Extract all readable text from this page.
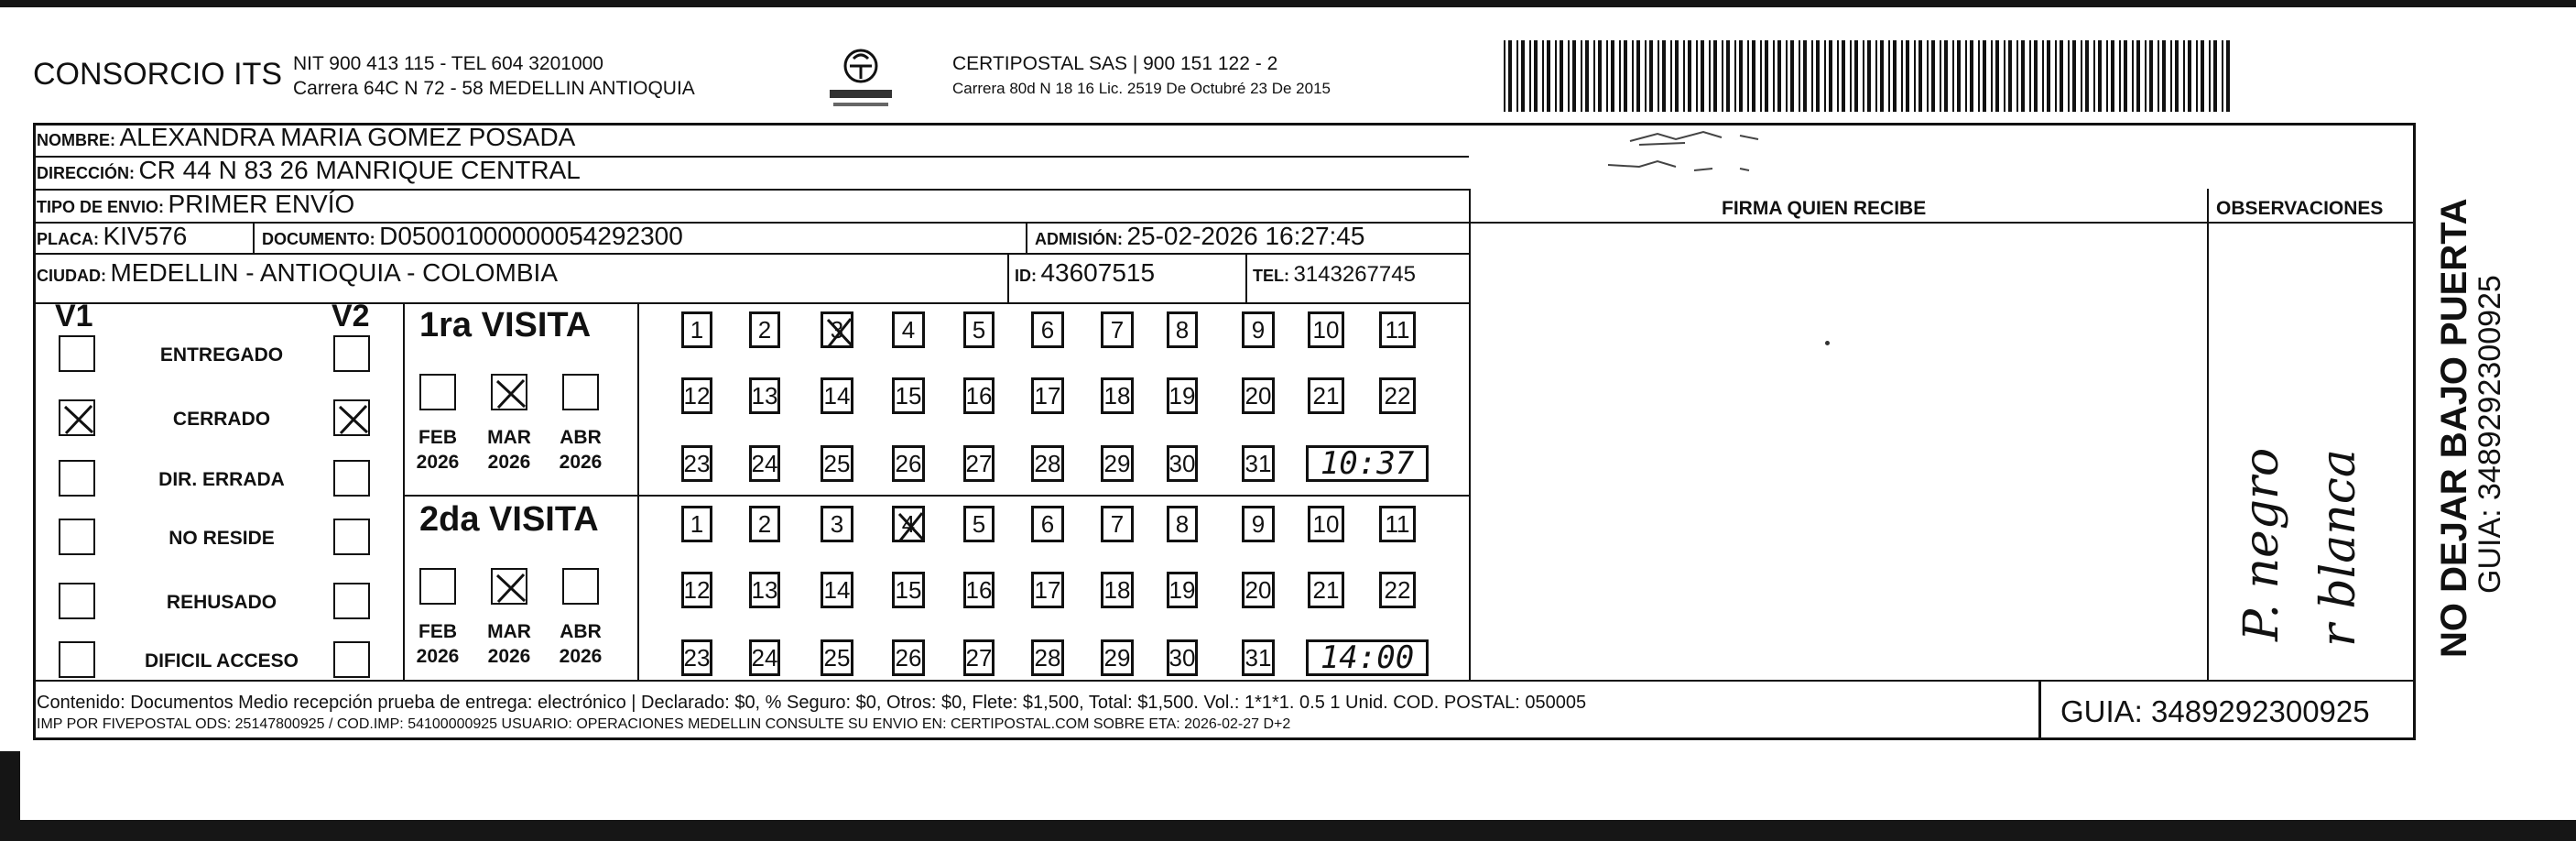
CONSORCIO ITS NIT 900 413 115 - TEL 604 3201000
Carrera 64C N 72 - 58 MEDELLIN ANTIOQUIA
CERTIPOSTAL SAS | 900 151 122 - 2
Carrera 80d N 18 16 Lic. 2519 De Octubré 23 De 2015
NOMBRE: ALEXANDRA MARIA GOMEZ POSADA
DIRECCIÓN: CR 44 N 83 26 MANRIQUE CENTRAL
TIPO DE ENVIO: PRIMER ENVÍO	FIRMA QUIEN RECIBE	OBSERVACIONES
PLACA: KIV576	DOCUMENTO: D05001000000054292300	ADMISIÓN: 25-02-2026 16:27:45
CIUDAD: MEDELLIN - ANTIOQUIA - COLOMBIA	ID: 43607515	TEL: 3143267745
V1	V2
ENTREGADO
CERRADO
DIR. ERRADA
NO RESIDE
REHUSADO
DIFICIL ACCESO
1ra VISITA
FEB
2026
MAR
2026
ABR
2026
1	2	3	4	5	6	7	8	9	10 11
12 13 14 15 16 17 18 19 20 21 22
23 24 25 26 27 28 29 30 31	10:37
2da VISITA
FEB
2026
MAR
2026
ABR
2026
1	2	3	4	5	6	7	8	9	10 11
12 13 14 15 16 17 18 19 20 21 22
23 24 25 26 27 28 29 30 31	14:00
P. negro r blanca
Contenido: Documentos Medio recepción prueba de entrega: electrónico | Declarado: $0, % Seguro: $0, Otros: $0, Flete: $1,500, Total: $1,500. Vol.: 1*1*1. 0.5 1 Unid. COD. POSTAL: 050005
IMP POR FIVEPOSTAL ODS: 25147800925 / COD.IMP: 54100000925 USUARIO: OPERACIONES MEDELLIN CONSULTE SU ENVIO EN: CERTIPOSTAL.COM SOBRE ETA: 2026-02-27 D+2	GUIA: 3489292300925
NO DEJAR BAJO PUERTA
GUIA: 3489292300925
